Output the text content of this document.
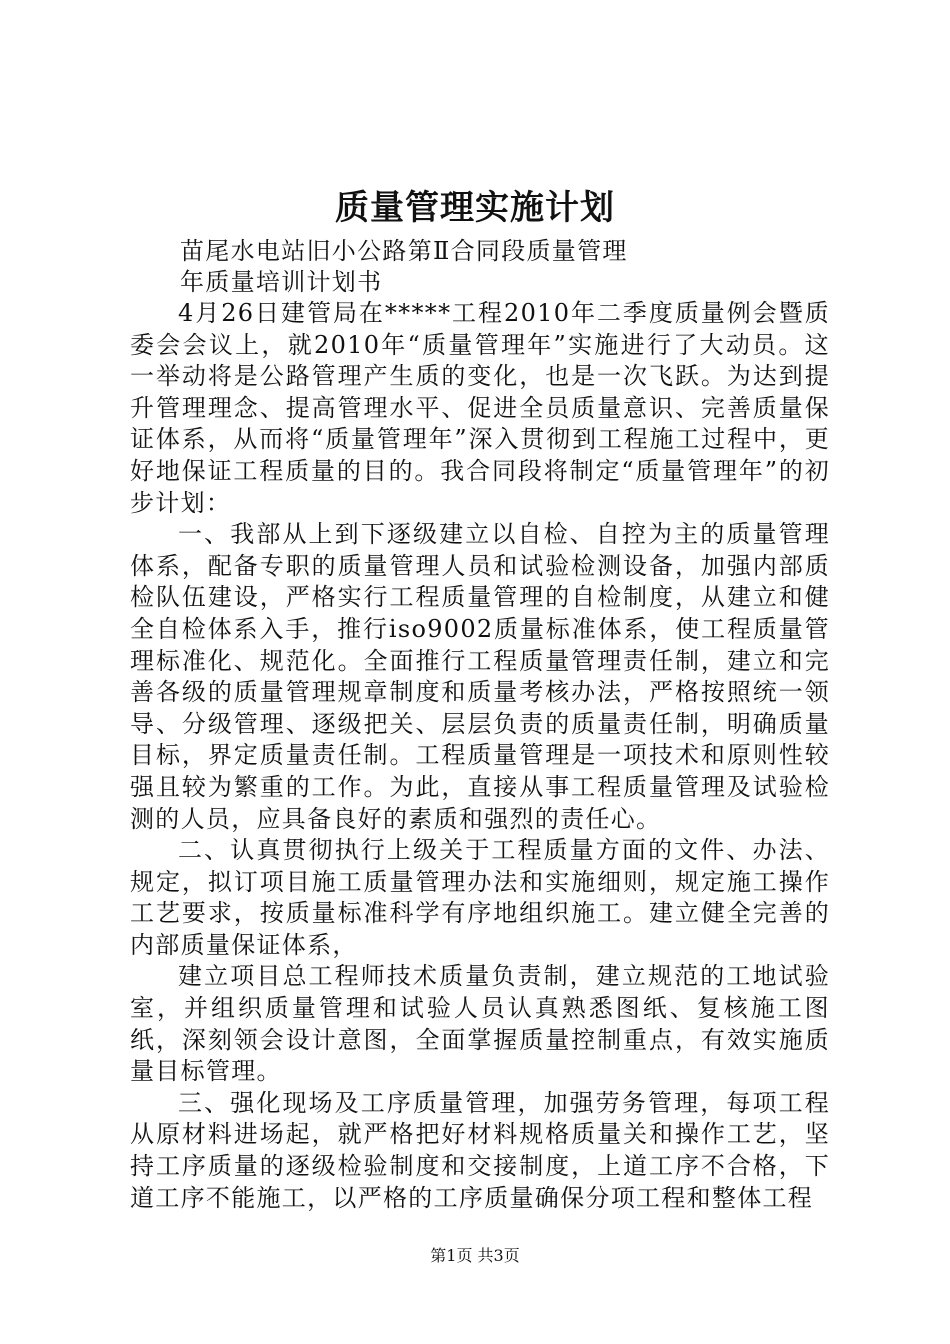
质量管理实施计划
苗尾水电站旧小公路第Ⅱ合同段质量管理
年质量培训计划书

4月26日建管局在*****工程2010年二季度质量例会暨质委会会议上，就2010年“质量管理年”实施进行了大动员。这一举动将是公路管理产生质的变化，也是一次飞跃。为达到提升管理理念、提高管理水平、促进全员质量意识、完善质量保证体系，从而将“质量管理年”深入贯彻到工程施工过程中，更好地保证工程质量的目的。我合同段将制定“质量管理年”的初步计划：

一、我部从上到下逐级建立以自检、自控为主的质量管理体系，配备专职的质量管理人员和试验检测设备，加强内部质检队伍建设，严格实行工程质量管理的自检制度，从建立和健全自检体系入手，推行iso9002质量标准体系，使工程质量管理标准化、规范化。全面推行工程质量管理责任制，建立和完善各级的质量管理规章制度和质量考核办法，严格按照统一领导、分级管理、逐级把关、层层负责的质量责任制，明确质量目标，界定质量责任制。工程质量管理是一项技术和原则性较强且较为繁重的工作。为此，直接从事工程质量管理及试验检测的人员，应具备良好的素质和强烈的责任心。

二、认真贯彻执行上级关于工程质量方面的文件、办法、规定，拟订项目施工质量管理办法和实施细则，规定施工操作工艺要求，按质量标准科学有序地组织施工。建立健全完善的内部质量保证体系，

建立项目总工程师技术质量负责制，建立规范的工地试验室，并组织质量管理和试验人员认真熟悉图纸、复核施工图纸，深刻领会设计意图，全面掌握质量控制重点，有效实施质量目标管理。

三、强化现场及工序质量管理，加强劳务管理，每项工程从原材料进场起，就严格把好材料规格质量关和操作工艺，坚持工序质量的逐级检验制度和交接制度，上道工序不合格，下道工序不能施工，以严格的工序质量确保分项工程和整体工程

第1页 共3页
